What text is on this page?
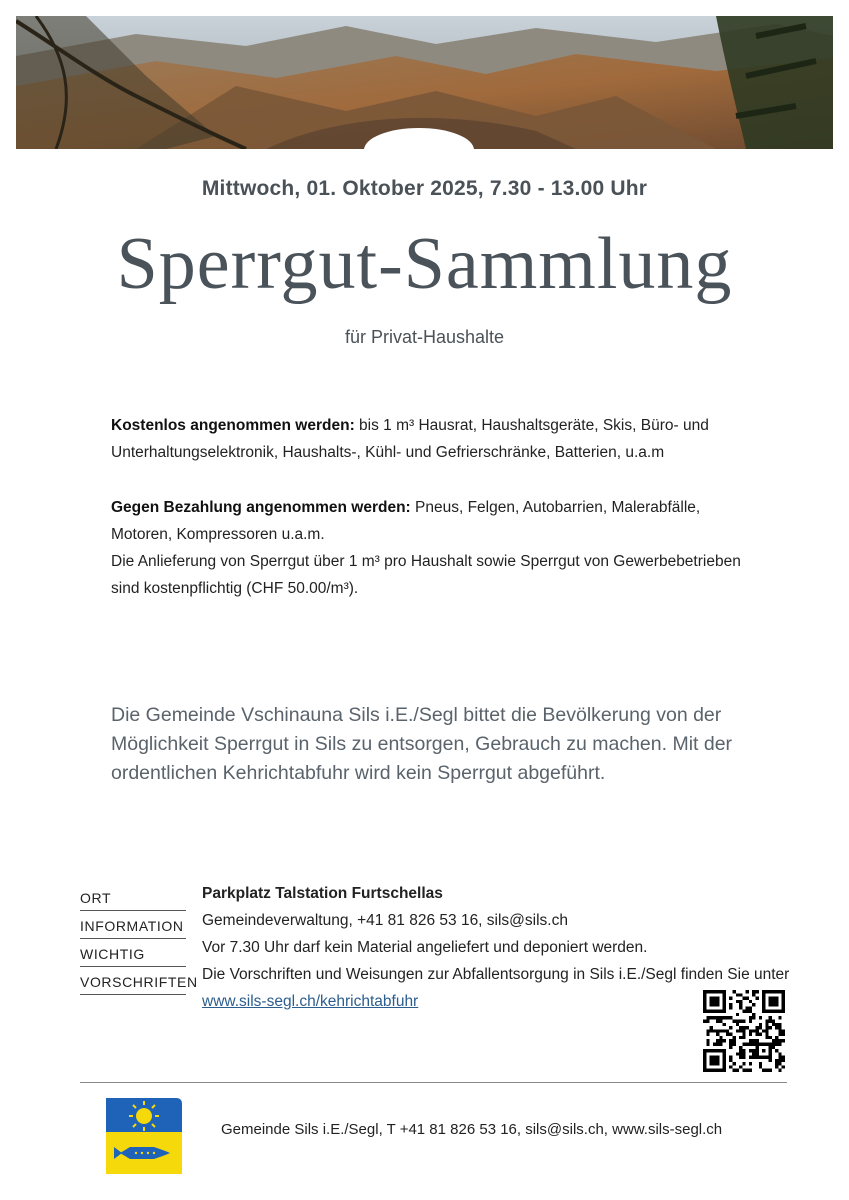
Mittwoch, 01. Oktober 2025, 7.30 - 13.00 Uhr
Sperrgut-Sammlung
für Privat-Haushalte
Kostenlos angenommen werden: bis 1 m³ Hausrat, Haushaltsgeräte, Skis, Büro- und
Unterhaltungselektronik, Haushalts-, Kühl- und Gefrierschränke, Batterien, u.a.m
Gegen Bezahlung angenommen werden: Pneus, Felgen, Autobarrien, Malerabfälle,
Motoren, Kompressoren u.a.m.
Die Anlieferung von Sperrgut über 1 m³ pro Haushalt sowie Sperrgut von Gewerbebetrieben
sind kostenpflichtig (CHF 50.00/m³).
Die Gemeinde Vschinauna Sils i.E./Segl bittet die Bevölkerung von der
Möglichkeit Sperrgut in Sils zu entsorgen, Gebrauch zu machen. Mit der
ordentlichen Kehrichtabfuhr wird kein Sperrgut abgeführt.
ORT
INFORMATION
WICHTIG
VORSCHRIFTEN
Parkplatz Talstation Furtschellas
Gemeindeverwaltung, +41 81 826 53 16, sils@sils.ch
Vor 7.30 Uhr darf kein Material angeliefert und deponiert werden.
Die Vorschriften und Weisungen zur Abfallentsorgung in Sils i.E./Segl finden Sie unter
www.sils-segl.ch/kehrichtabfuhr
Gemeinde Sils i.E./Segl, T +41 81 826 53 16, sils@sils.ch, www.sils-segl.ch
